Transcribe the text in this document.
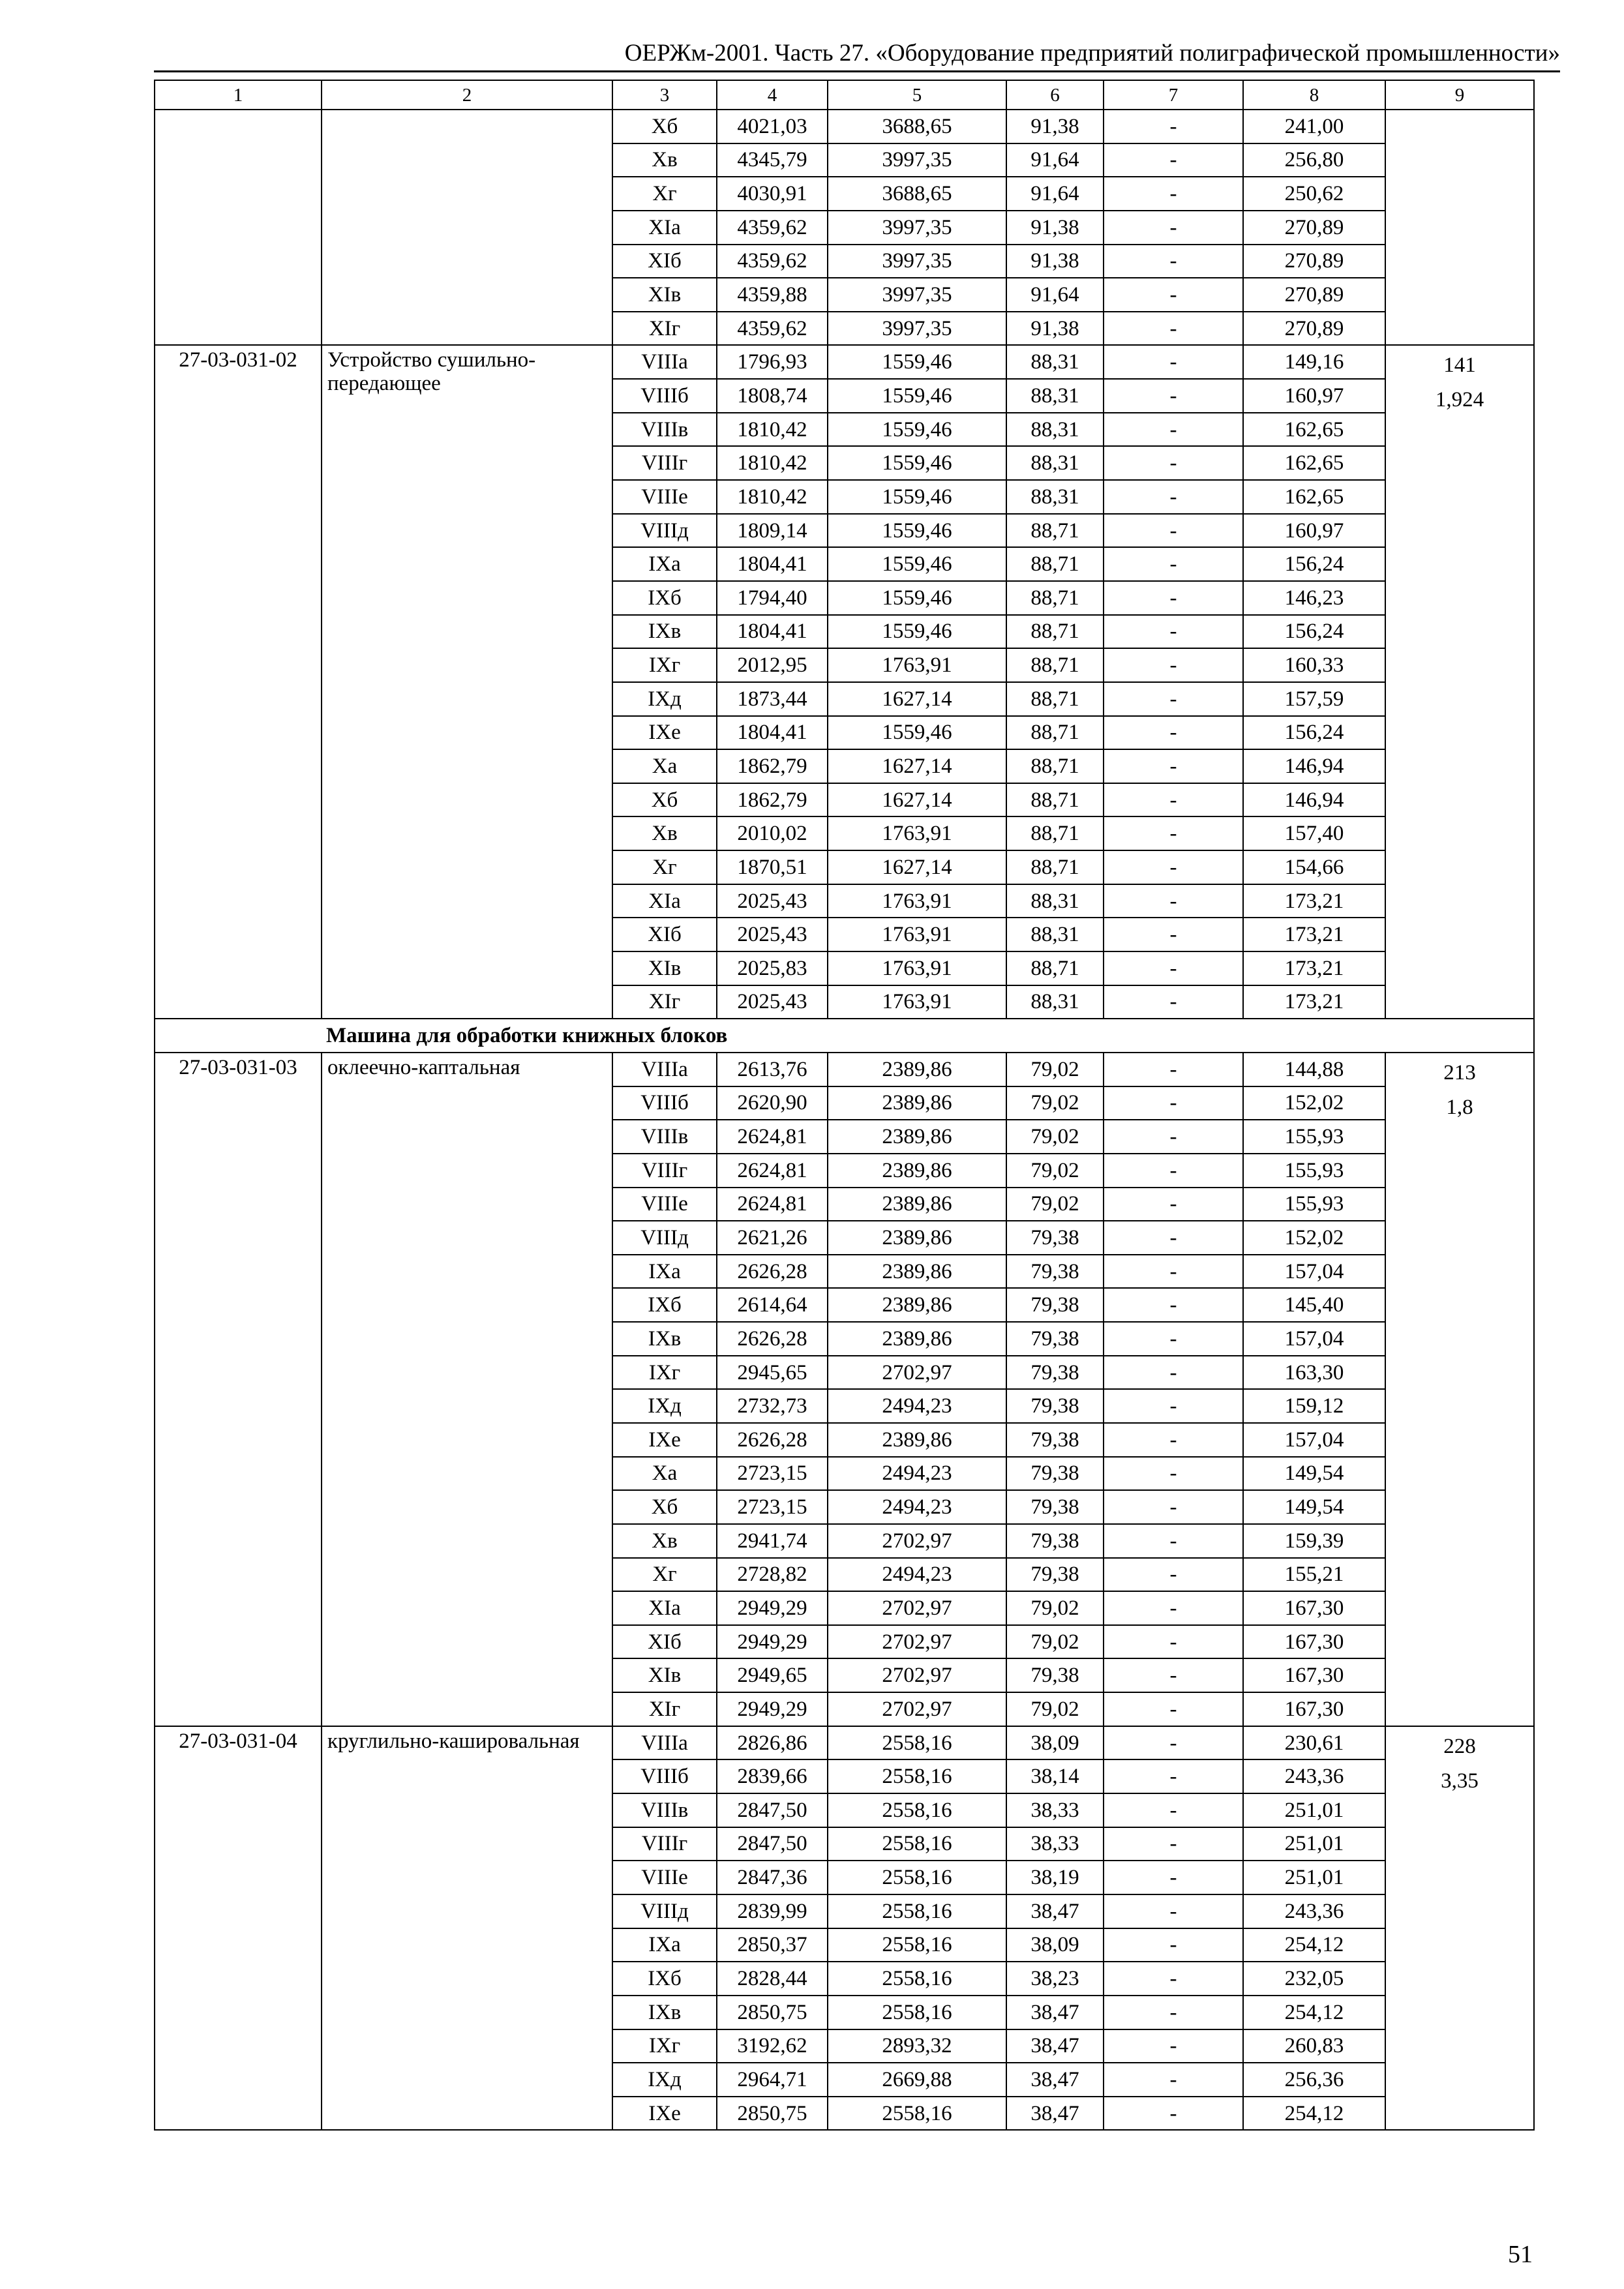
ОЕРЖм-2001. Часть 27. «Оборудование предприятий полиграфической промышленности»
1	2	3	4	5	6	7	8	9
		Хб	4021,03	3688,65	91,38	-	241,00	
		Хв	4345,79	3997,35	91,64	-	256,80	
		Хг	4030,91	3688,65	91,64	-	250,62	
		ХIа	4359,62	3997,35	91,38	-	270,89	
		ХIб	4359,62	3997,35	91,38	-	270,89	
		ХIв	4359,88	3997,35	91,64	-	270,89	
		ХIг	4359,62	3997,35	91,38	-	270,89	
27-03-031-02	Устройство сушильно-передающее	VIIIа	1796,93	1559,46	88,31	-	149,16	141
1,924

		VIIIб	1808,74	1559,46	88,31	-	160,97	
		VIIIв	1810,42	1559,46	88,31	-	162,65	
		VIIIг	1810,42	1559,46	88,31	-	162,65	
		VIIIе	1810,42	1559,46	88,31	-	162,65	
		VIIIд	1809,14	1559,46	88,71	-	160,97	
		IХа	1804,41	1559,46	88,71	-	156,24	
		IХб	1794,40	1559,46	88,71	-	146,23	
		IХв	1804,41	1559,46	88,71	-	156,24	
		IХг	2012,95	1763,91	88,71	-	160,33	
		IХд	1873,44	1627,14	88,71	-	157,59	
		IХе	1804,41	1559,46	88,71	-	156,24	
		Ха	1862,79	1627,14	88,71	-	146,94	
		Хб	1862,79	1627,14	88,71	-	146,94	
		Хв	2010,02	1763,91	88,71	-	157,40	
		Хг	1870,51	1627,14	88,71	-	154,66	
		ХIа	2025,43	1763,91	88,31	-	173,21	
		ХIб	2025,43	1763,91	88,31	-	173,21	
		ХIв	2025,83	1763,91	88,71	-	173,21	
		ХIг	2025,43	1763,91	88,31	-	173,21	
Машина для обработки книжных блоков								
27-03-031-03	оклеечно-каптальная	VIIIа	2613,76	2389,86	79,02	-	144,88	213
1,8

		VIIIб	2620,90	2389,86	79,02	-	152,02	
		VIIIв	2624,81	2389,86	79,02	-	155,93	
		VIIIг	2624,81	2389,86	79,02	-	155,93	
		VIIIе	2624,81	2389,86	79,02	-	155,93	
		VIIIд	2621,26	2389,86	79,38	-	152,02	
		IХа	2626,28	2389,86	79,38	-	157,04	
		IХб	2614,64	2389,86	79,38	-	145,40	
		IХв	2626,28	2389,86	79,38	-	157,04	
		IХг	2945,65	2702,97	79,38	-	163,30	
		IХд	2732,73	2494,23	79,38	-	159,12	
		IХе	2626,28	2389,86	79,38	-	157,04	
		Ха	2723,15	2494,23	79,38	-	149,54	
		Хб	2723,15	2494,23	79,38	-	149,54	
		Хв	2941,74	2702,97	79,38	-	159,39	
		Хг	2728,82	2494,23	79,38	-	155,21	
		ХIа	2949,29	2702,97	79,02	-	167,30	
		ХIб	2949,29	2702,97	79,02	-	167,30	
		ХIв	2949,65	2702,97	79,38	-	167,30	
		ХIг	2949,29	2702,97	79,02	-	167,30	
27-03-031-04	круглильно-кашировальная	VIIIа	2826,86	2558,16	38,09	-	230,61	228
3,35

		VIIIб	2839,66	2558,16	38,14	-	243,36	
		VIIIв	2847,50	2558,16	38,33	-	251,01	
		VIIIг	2847,50	2558,16	38,33	-	251,01	
		VIIIе	2847,36	2558,16	38,19	-	251,01	
		VIIIд	2839,99	2558,16	38,47	-	243,36	
		IХа	2850,37	2558,16	38,09	-	254,12	
		IХб	2828,44	2558,16	38,23	-	232,05	
		IХв	2850,75	2558,16	38,47	-	254,12	
		IХг	3192,62	2893,32	38,47	-	260,83	
		IХд	2964,71	2669,88	38,47	-	256,36	
		IХе	2850,75	2558,16	38,47	-	254,12	
51
